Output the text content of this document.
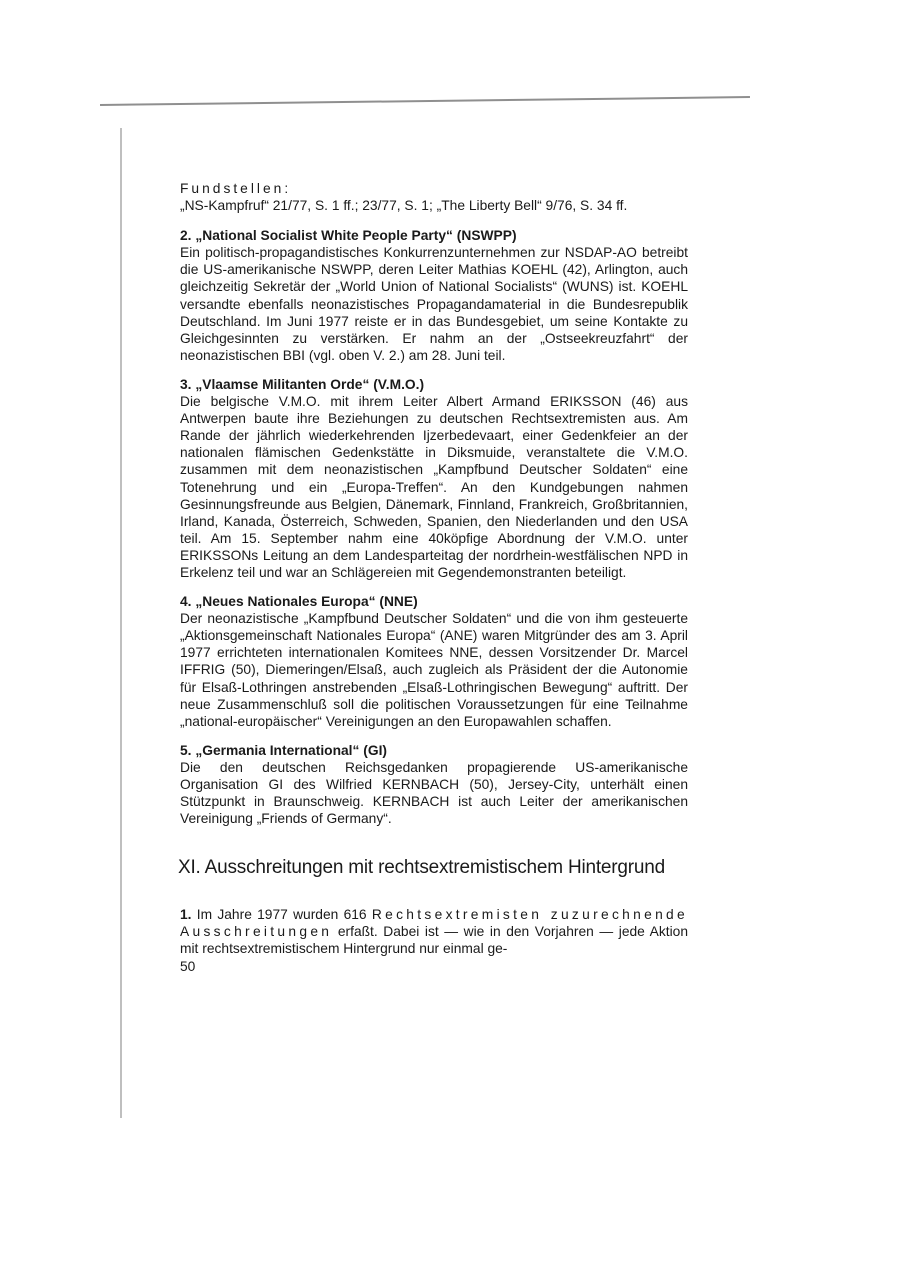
Fundstellen:

„NS-Kampfruf“ 21/77, S. 1 ff.; 23/77, S. 1; „The Liberty Bell“ 9/76, S. 34 ff.

2. „National Socialist White People Party“ (NSWPP)

Ein politisch-propagandistisches Konkurrenzunternehmen zur NSDAP-AO betreibt die US-amerikanische NSWPP, deren Leiter Mathias KOEHL (42), Arlington, auch gleichzeitig Sekretär der „World Union of National Socialists“ (WUNS) ist. KOEHL versandte ebenfalls neonazistisches Propagandamaterial in die Bundesrepublik Deutschland. Im Juni 1977 reiste er in das Bundesgebiet, um seine Kontakte zu Gleichgesinnten zu verstärken. Er nahm an der „Ostseekreuzfahrt“ der neonazistischen BBI (vgl. oben V. 2.) am 28. Juni teil.

3. „Vlaamse Militanten Orde“ (V.M.O.)

Die belgische V.M.O. mit ihrem Leiter Albert Armand ERIKSSON (46) aus Antwerpen baute ihre Beziehungen zu deutschen Rechtsextremisten aus. Am Rande der jährlich wiederkehrenden Ijzerbedevaart, einer Gedenkfeier an der nationalen flämischen Gedenkstätte in Diksmuide, veranstaltete die V.M.O. zusammen mit dem neonazistischen „Kampfbund Deutscher Soldaten“ eine Totenehrung und ein „Europa-Treffen“. An den Kundgebungen nahmen Gesinnungsfreunde aus Belgien, Dänemark, Finnland, Frankreich, Großbritannien, Irland, Kanada, Österreich, Schweden, Spanien, den Niederlanden und den USA teil. Am 15. September nahm eine 40köpfige Abordnung der V.M.O. unter ERIKSSONs Leitung an dem Landesparteitag der nordrhein-westfälischen NPD in Erkelenz teil und war an Schlägereien mit Gegendemonstranten beteiligt.

4. „Neues Nationales Europa“ (NNE)

Der neonazistische „Kampfbund Deutscher Soldaten“ und die von ihm gesteuerte „Aktionsgemeinschaft Nationales Europa“ (ANE) waren Mitgründer des am 3. April 1977 errichteten internationalen Komitees NNE, dessen Vorsitzender Dr. Marcel IFFRIG (50), Diemeringen/Elsaß, auch zugleich als Präsident der die Autonomie für Elsaß-Lothringen anstrebenden „Elsaß-Lothringischen Bewegung“ auftritt. Der neue Zusammenschluß soll die politischen Voraussetzungen für eine Teilnahme „national-europäischer“ Vereinigungen an den Europawahlen schaffen.

5. „Germania International“ (GI)

Die den deutschen Reichsgedanken propagierende US-amerikanische Organisation GI des Wilfried KERNBACH (50), Jersey-City, unterhält einen Stützpunkt in Braunschweig. KERNBACH ist auch Leiter der amerikanischen Vereinigung „Friends of Germany“.

XI. Ausschreitungen mit rechtsextremistischem Hintergrund

1. Im Jahre 1977 wurden 616 Rechtsextremisten zuzurechnende Ausschreitungen erfaßt. Dabei ist — wie in den Vorjahren — jede Aktion mit rechtsextremistischem Hintergrund nur einmal ge-

50
